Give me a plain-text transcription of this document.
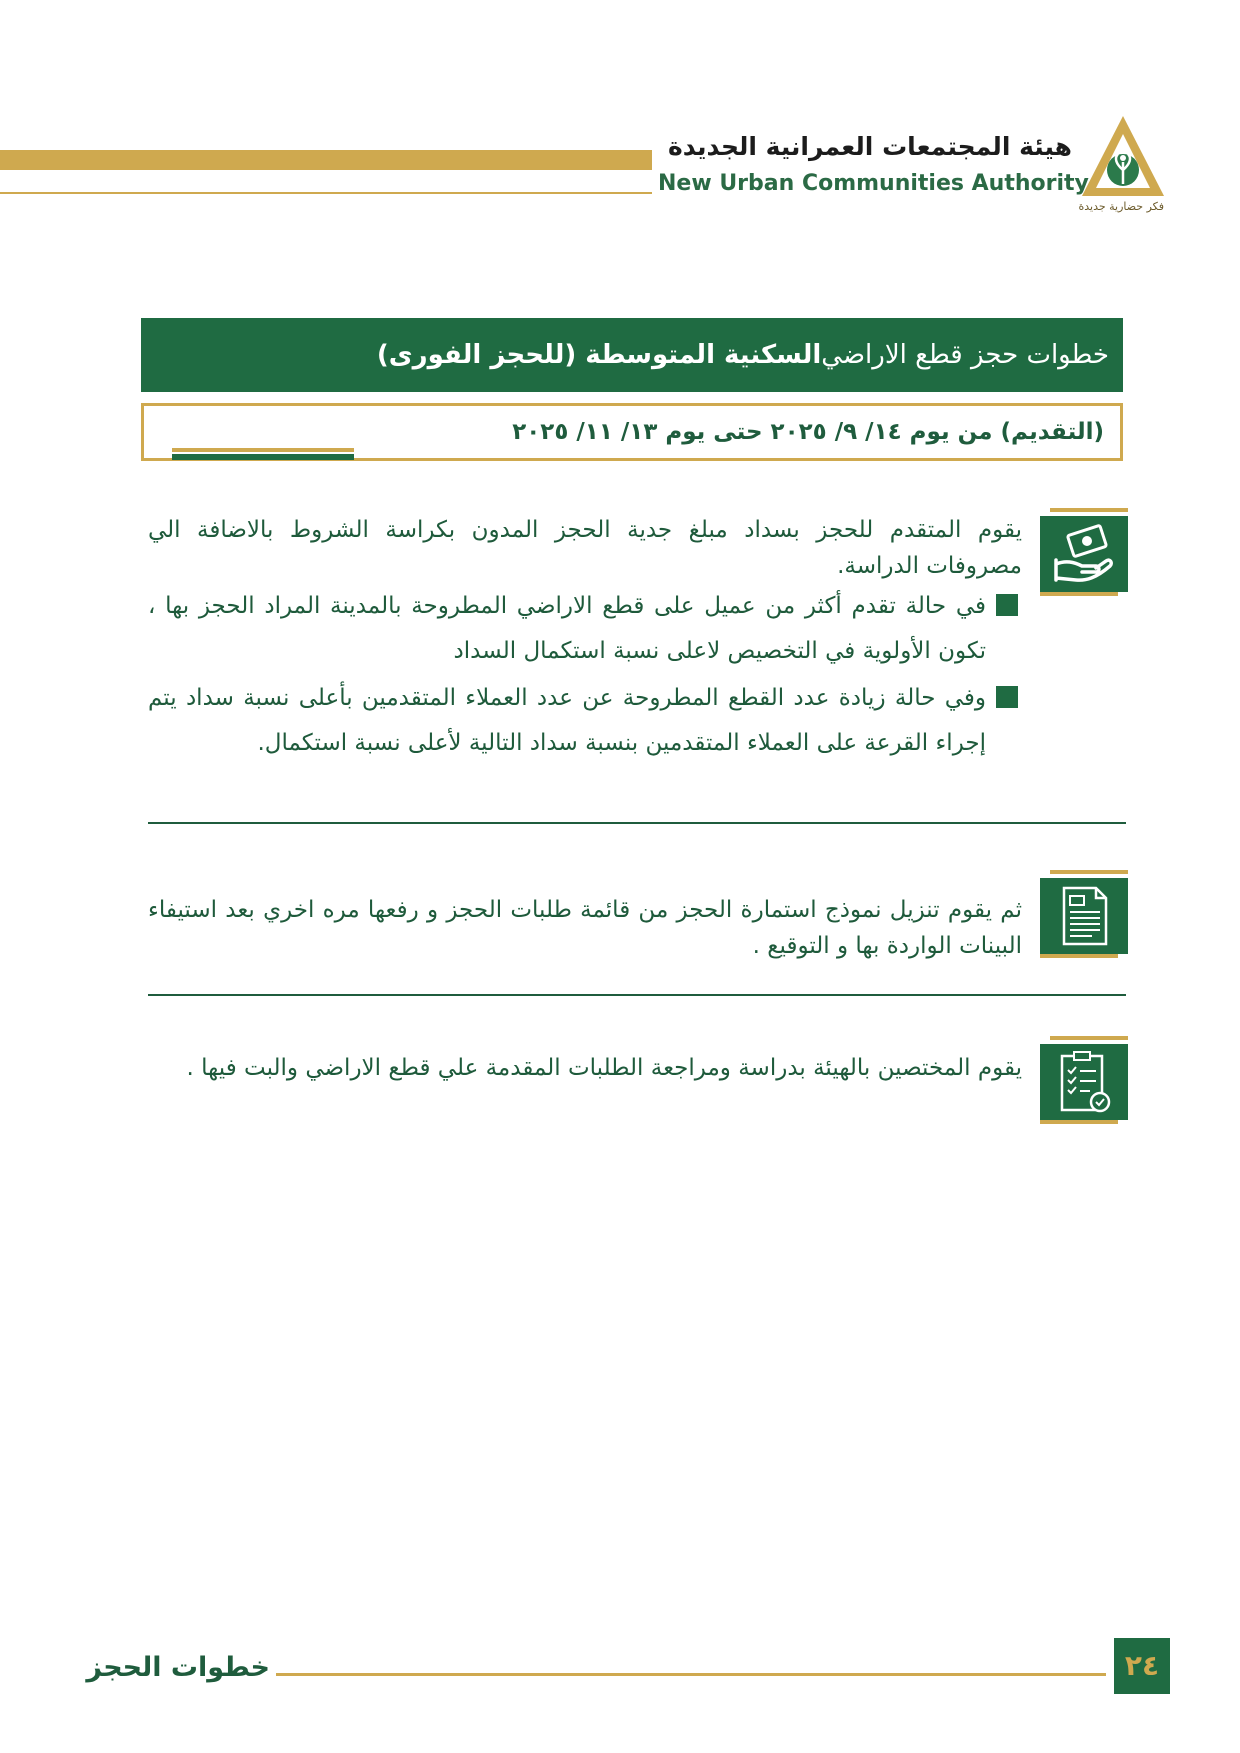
هيئة المجتمعات العمرانية الجديدة
New Urban Communities Authority
فكر حضارية جديدة
خطوات حجز قطع الاراضي
السكنية المتوسطة (للحجز الفورى)
(التقديم) من يوم ١٤/ ٩/ ٢٠٢٥ حتى يوم ١٣/ ١١/ ٢٠٢٥
يقوم المتقدم للحجز بسداد مبلغ جدية الحجز المدون بكراسة الشروط بالاضافة الي مصروفات الدراسة.
في حالة تقدم أكثر من عميل على قطع الاراضي المطروحة بالمدينة المراد الحجز بها ، تكون الأولوية في التخصيص لاعلى نسبة استكمال السداد
وفي حالة زيادة عدد القطع المطروحة عن عدد العملاء المتقدمين بأعلى نسبة سداد يتم إجراء القرعة على العملاء المتقدمين بنسبة سداد التالية لأعلى نسبة استكمال.
ثم يقوم تنزيل نموذج استمارة الحجز من قائمة طلبات الحجز و رفعها مره اخري بعد استيفاء البينات الواردة بها و التوقيع .
يقوم المختصين بالهيئة بدراسة ومراجعة الطلبات المقدمة علي قطع الاراضي والبت فيها .
خطوات الحجز	٢٤
